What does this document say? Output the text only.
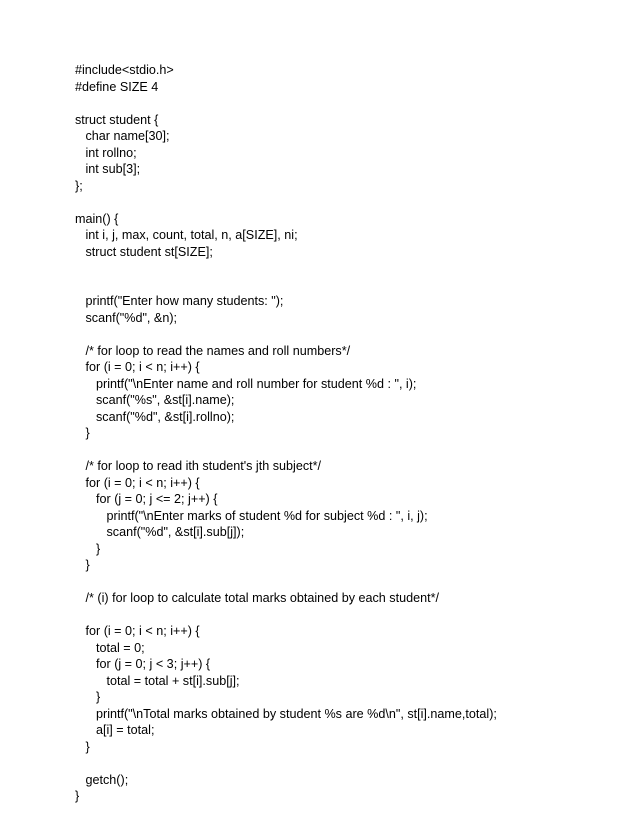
#include<stdio.h>
#define SIZE 4
struct student {
char name[30];
int rollno;
int sub[3];
};
main() {
int i, j, max, count, total, n, a[SIZE], ni;
struct student st[SIZE];
printf("Enter how many students: ");
scanf("%d", &n);
/* for loop to read the names and roll numbers*/
for (i = 0; i < n; i++) {
printf("\nEnter name and roll number for student %d : ", i);
scanf("%s", &st[i].name);
scanf("%d", &st[i].rollno);
}
/* for loop to read ith student's jth subject*/
for (i = 0; i < n; i++) {
for (j = 0; j <= 2; j++) {
printf("\nEnter marks of student %d for subject %d : ", i, j);
scanf("%d", &st[i].sub[j]);
}
}
/* (i) for loop to calculate total marks obtained by each student*/
for (i = 0; i < n; i++) {
total = 0;
for (j = 0; j < 3; j++) {
total = total + st[i].sub[j];
}
printf("\nTotal marks obtained by student %s are %d\n", st[i].name,total);
a[i] = total;
}
getch();
}
